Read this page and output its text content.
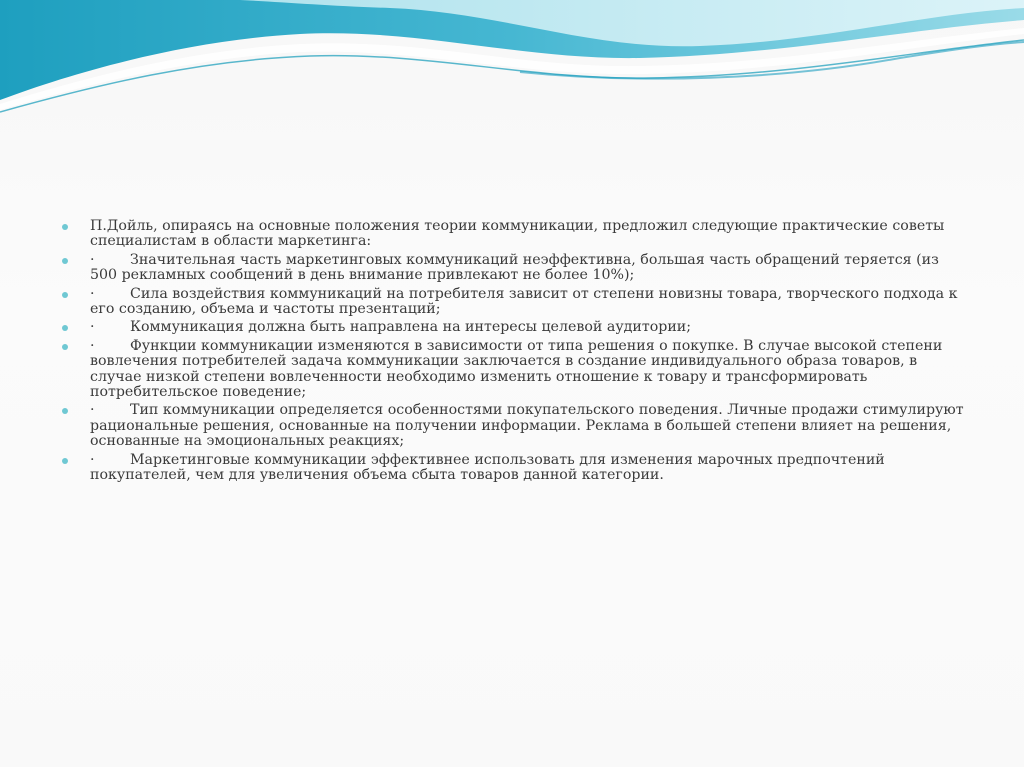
П.Дойль, опираясь на основные положения теории коммуникации, предложил следующие практические советы специалистам в области маркетинга:
· Значительная часть маркетинговых коммуникаций неэффективна, большая часть обращений теряется (из 500 рекламных сообщений в день внимание привлекают не более 10%);
· Сила воздействия коммуникаций на потребителя зависит от степени новизны товара, творческого подхода к его созданию, объема и частоты презентаций;
· Коммуникация должна быть направлена на интересы целевой аудитории;
· Функции коммуникации изменяются в зависимости от типа решения о покупке. В случае высокой степени вовлечения потребителей задача коммуникации заключается в создание индивидуального образа товаров, в случае низкой степени вовлеченности необходимо изменить отношение к товару и трансформировать потребительское поведение;
· Тип коммуникации определяется особенностями покупательского поведения. Личные продажи стимулируют рациональные решения, основанные на получении информации. Реклама в большей степени влияет на решения, основанные на эмоциональных реакциях;
· Маркетинговые коммуникации эффективнее использовать для изменения марочных предпочтений покупателей, чем для увеличения объема сбыта товаров данной категории.
